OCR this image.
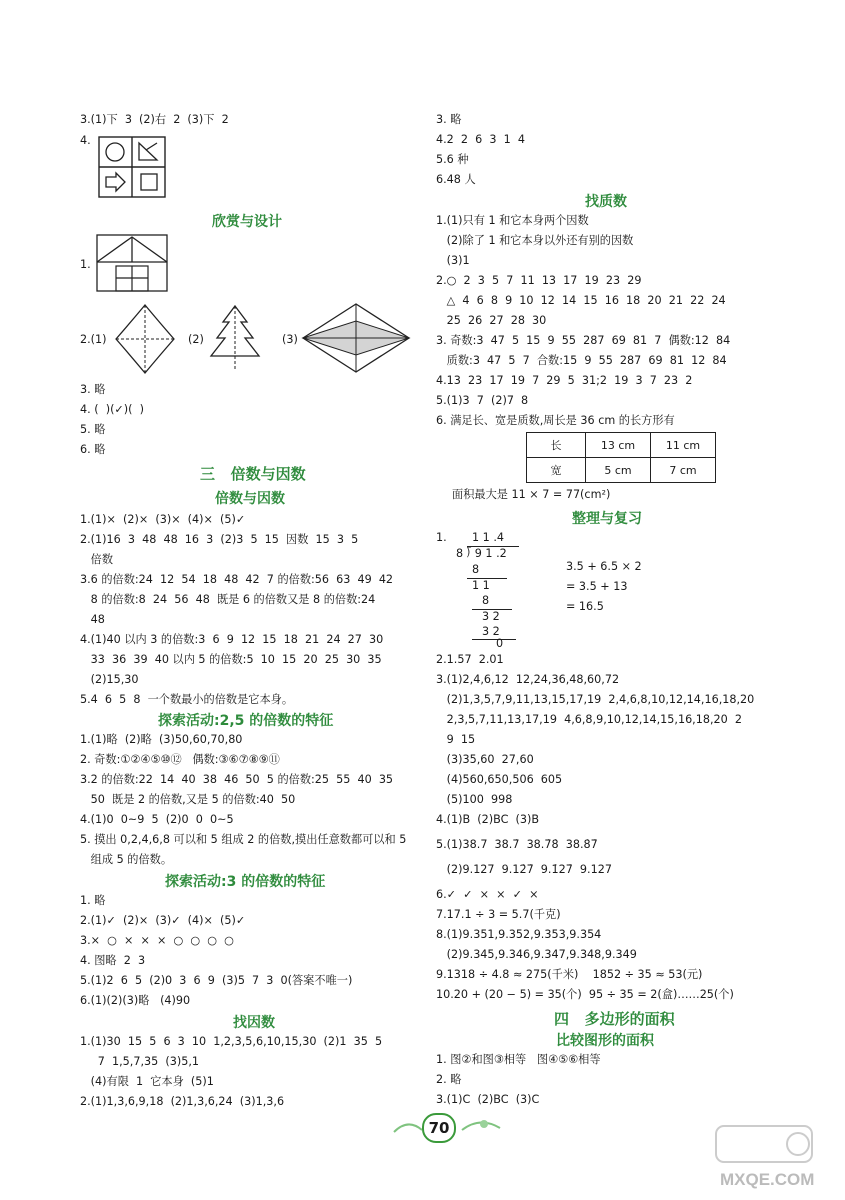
3.(1)下  3  (2)右  2  (3)下  2
4.
欣赏与设计
1.
2.(1)	(2)	(3)
3. 略
4. (  )(✓)(  )
5. 略
6. 略
三   倍数与因数
倍数与因数
1.(1)×  (2)×  (3)×  (4)×  (5)✓
2.(1)16  3  48  48  16  3  (2)3  5  15  因数  15  3  5
倍数
3.6 的倍数:24  12  54  18  48  42  7 的倍数:56  63  49  42
8 的倍数:8  24  56  48  既是 6 的倍数又是 8 的倍数:24
48
4.(1)40 以内 3 的倍数:3  6  9  12  15  18  21  24  27  30
33  36  39  40 以内 5 的倍数:5  10  15  20  25  30  35
(2)15,30
5.4  6  5  8  一个数最小的倍数是它本身。
探索活动:2,5 的倍数的特征
1.(1)略  (2)略  (3)50,60,70,80
2. 奇数:①②④⑤⑩⑫   偶数:③⑥⑦⑧⑨⑪
3.2 的倍数:22  14  40  38  46  50  5 的倍数:25  55  40  35
50  既是 2 的倍数,又是 5 的倍数:40  50
4.(1)0  0~9  5  (2)0  0  0~5
5. 摸出 0,2,4,6,8 可以和 5 组成 2 的倍数,摸出任意数都可以和 5
组成 5 的倍数。
探索活动:3 的倍数的特征
1. 略
2.(1)✓  (2)×  (3)✓  (4)×  (5)✓
3.×  ○  ×  ×  ×  ○  ○  ○  ○
4. 图略  2  3
5.(1)2  6  5  (2)0  3  6  9  (3)5  7  3  0(答案不唯一)
6.(1)(2)(3)略   (4)90
找因数
1.(1)30  15  5  6  3  10  1,2,3,5,6,10,15,30  (2)1  35  5
7  1,5,7,35  (3)5,1
(4)有限  1  它本身  (5)1
2.(1)1,3,6,9,18  (2)1,3,6,24  (3)1,3,6
3. 略
4.2  2  6  3  1  4
5.6 种
6.48 人
找质数
1.(1)只有 1 和它本身两个因数
(2)除了 1 和它本身以外还有别的因数
(3)1
2.○  2  3  5  7  11  13  17  19  23  29
△  4  6  8  9  10  12  14  15  16  18  20  21  22  24
25  26  27  28  30
3. 奇数:3  47  5  15  9  55  287  69  81  7  偶数:12  84
质数:3  47  5  7  合数:15  9  55  287  69  81  12  84
4.13  23  17  19  7  29  5  31;2  19  3  7  23  2
5.(1)3  7  (2)7  8
6. 满足长、宽是质数,周长是 36 cm 的长方形有
长	13 cm	11 cm
宽	5 cm	7 cm
面积最大是 11 × 7 = 77(cm²)
整理与复习
1. 1 1 .4
8 ⟌ 9 1 .2
8
1 1
8
3 2
3 2
0
3.5 + 6.5 × 2
= 3.5 + 13
= 16.5
2.1.57  2.01
3.(1)2,4,6,12  12,24,36,48,60,72
(2)1,3,5,7,9,11,13,15,17,19  2,4,6,8,10,12,14,16,18,20
2,3,5,7,11,13,17,19  4,6,8,9,10,12,14,15,16,18,20  2
9  15
(3)35,60  27,60
(4)560,650,506  605
(5)100  998
4.(1)B  (2)BC  (3)B
5.(1)38.7  38.7̇  38.7̇8̇  38.8̇7̇
(2)9.127  9.12̇7̇  9.1̇27̇  9.127
6.✓  ✓  ×  ×  ✓  ×
7.17.1 ÷ 3 = 5.7(千克)
8.(1)9.351,9.352,9.353,9.354
(2)9.345,9.346,9.347,9.348,9.349
9.1318 ÷ 4.8 ≈ 275(千米)    1852 ÷ 35 ≈ 53(元)
10.20 + (20 − 5) = 35(个)  95 ÷ 35 = 2(盒)……25(个)
四   多边形的面积
比较图形的面积
1. 图②和图③相等   图④⑤⑥相等
2. 略
3.(1)C  (2)BC  (3)C
70
MXQE.COM
